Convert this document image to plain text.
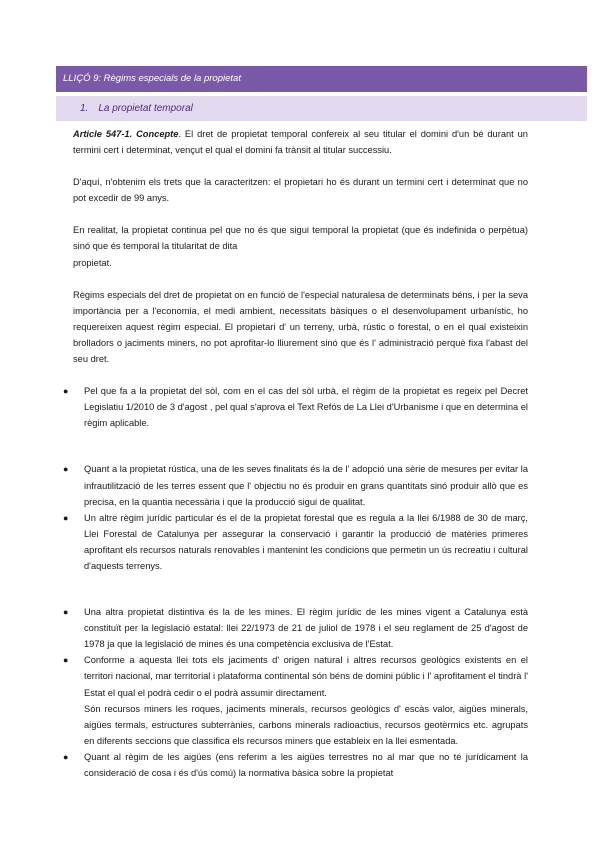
LLIÇÓ 9: Règims especials de la propietat
1. La propietat temporal

Article 547-1. Concepte. El dret de propietat temporal confereix al seu titular el domini d'un bé durant un termini cert i determinat, vençut el qual el domini fa trànsit al titular successiu.

D'aquí, n'obtenim els trets que la caracteritzen: el propietari ho és durant un termini cert i determinat que no pot excedir de 99 anys.

En realitat, la propietat continua pel que no és que sigui temporal la propietat (que és indefinida o perpètua) sinó que és temporal la titularitat de dita
propietat.

Règims especials del dret de propietat on en funció de l'especial naturalesa de determinats béns, i per la seva importància per a l'economia, el medi ambient, necessitats bàsiques o el desenvolupament urbanístic, ho requereixen aquest règim especial. El propietari d' un terreny, urbà, rústic o forestal, o en el qual existeixin brolladors o jaciments miners, no pot aprofitar-lo lliurement sinó que és l' administració perquè fixa l'abast del seu dret.

● Pel que fa a la propietat del sòl, com en el cas del sòl urbà, el règim de la propietat es regeix pel Decret Legislatiu 1/2010 de 3 d'agost , pel qual s'aprova el Text Refós de La Llei d'Urbanisme i que en determina el règim aplicable.
● Quant a la propietat rústica, una de les seves finalitats és la de l' adopció una sèrie de mesures per evitar la infrautilització de les terres essent que l' objectiu no és produir en grans quantitats sinó produir allò que es precisa, en la quantia necessària i que la producció sigui de qualitat.
● Un altre règim jurídic particular és el de la propietat forestal que es regula a la llei 6/1988 de 30 de març, Llei Forestal de Catalunya per assegurar la conservació i garantir la producció de matèries primeres aprofitant els recursos naturals renovables i mantenint les condicions que permetin un ús recreatiu i cultural d'aquests terrenys.
● Una altra propietat distintiva és la de les mines. El règim jurídic de les mines vigent a Catalunya està constituït per la legislació estatal: llei 22/1973 de 21 de juliol de 1978 i el seu reglament de 25 d'agost de 1978 ja que la legislació de mines és una competència exclusiva de l'Estat.
● Conforme a aquesta llei tots els jaciments d' origen natural i altres recursos geològics existents en el territori nacional, mar territorial i plataforma continental són béns de domini públic i l' aprofitament el tindrà l' Estat el qual el podrà cedir o el podrà assumir directament.
Són recursos miners les roques, jaciments minerals, recursos geològics d' escàs valor, aigües minerals, aigües termals, estructures subterrànies, carbons minerals radioactius, recursos geotèrmics etc. agrupats en diferents seccions que classifica els recursos miners que estableix en la llei esmentada.
● Quant al règim de les aigües (ens referim a les aigües terrestres no al mar que no té jurídicament la consideració de cosa i és d'ús comú) la normativa bàsica sobre la propietat
